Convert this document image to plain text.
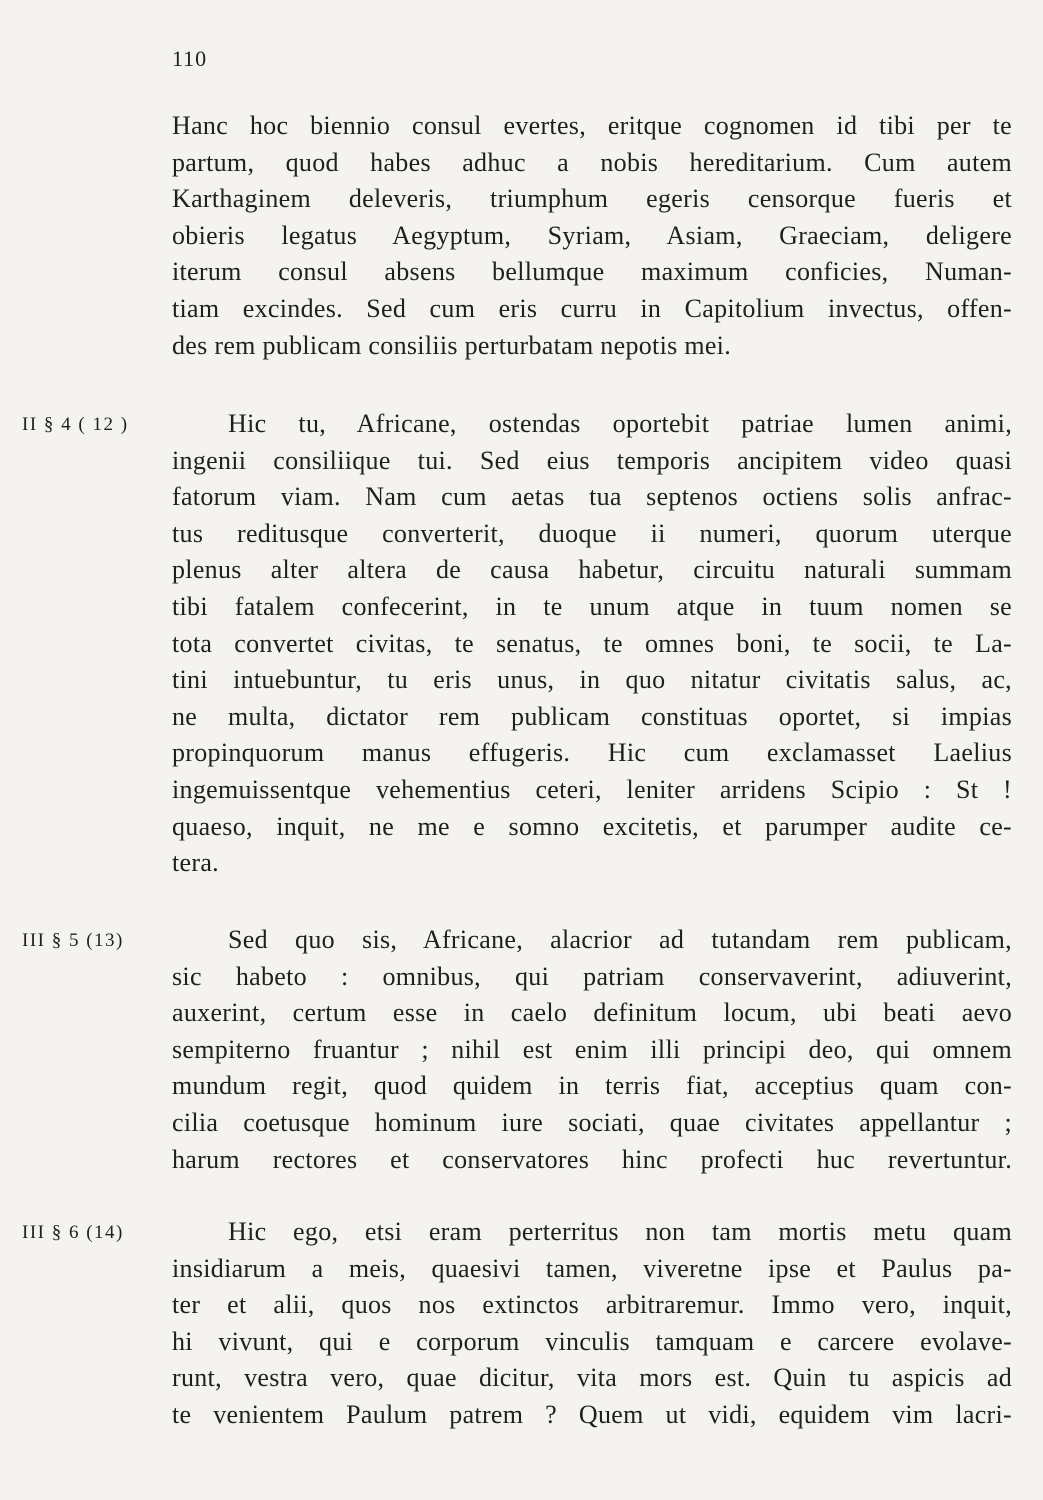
110
Hanc hoc biennio consul evertes, eritque cognomen id tibi per te
partum, quod habes adhuc a nobis hereditarium. Cum autem
Karthaginem deleveris, triumphum egeris censorque fueris et
obieris legatus Aegyptum, Syriam, Asiam, Graeciam, deligere
iterum consul absens bellumque maximum conficies, Numan-
tiam excindes. Sed cum eris curru in Capitolium invectus, offen-
des rem publicam consiliis perturbatam nepotis mei.
II § 4 ( 12 )	Hic tu, Africane, ostendas oportebit patriae lumen animi,
ingenii consiliique tui. Sed eius temporis ancipitem video quasi
fatorum viam. Nam cum aetas tua septenos octiens solis anfrac-
tus reditusque converterit, duoque ii numeri, quorum uterque
plenus alter altera de causa habetur, circuitu naturali summam
tibi fatalem confecerint, in te unum atque in tuum nomen se
tota convertet civitas, te senatus, te omnes boni, te socii, te La-
tini intuebuntur, tu eris unus, in quo nitatur civitatis salus, ac,
ne multa, dictator rem publicam constituas oportet, si impias
propinquorum manus effugeris. Hic cum exclamasset Laelius
ingemuissentque vehementius ceteri, leniter arridens Scipio : St !
quaeso, inquit, ne me e somno excitetis, et parumper audite ce-
tera.
III § 5 (13)	Sed quo sis, Africane, alacrior ad tutandam rem publicam,
sic habeto : omnibus, qui patriam conservaverint, adiuverint,
auxerint, certum esse in caelo definitum locum, ubi beati aevo
sempiterno fruantur ; nihil est enim illi principi deo, qui omnem
mundum regit, quod quidem in terris fiat, acceptius quam con-
cilia coetusque hominum iure sociati, quae civitates appellantur ;
harum rectores et conservatores hinc profecti huc revertuntur.
III § 6 (14)	Hic ego, etsi eram perterritus non tam mortis metu quam
insidiarum a meis, quaesivi tamen, viveretne ipse et Paulus pa-
ter et alii, quos nos extinctos arbitraremur. Immo vero, inquit,
hi vivunt, qui e corporum vinculis tamquam e carcere evolave-
runt, vestra vero, quae dicitur, vita mors est. Quin tu aspicis ad
te venientem Paulum patrem ? Quem ut vidi, equidem vim lacri-
